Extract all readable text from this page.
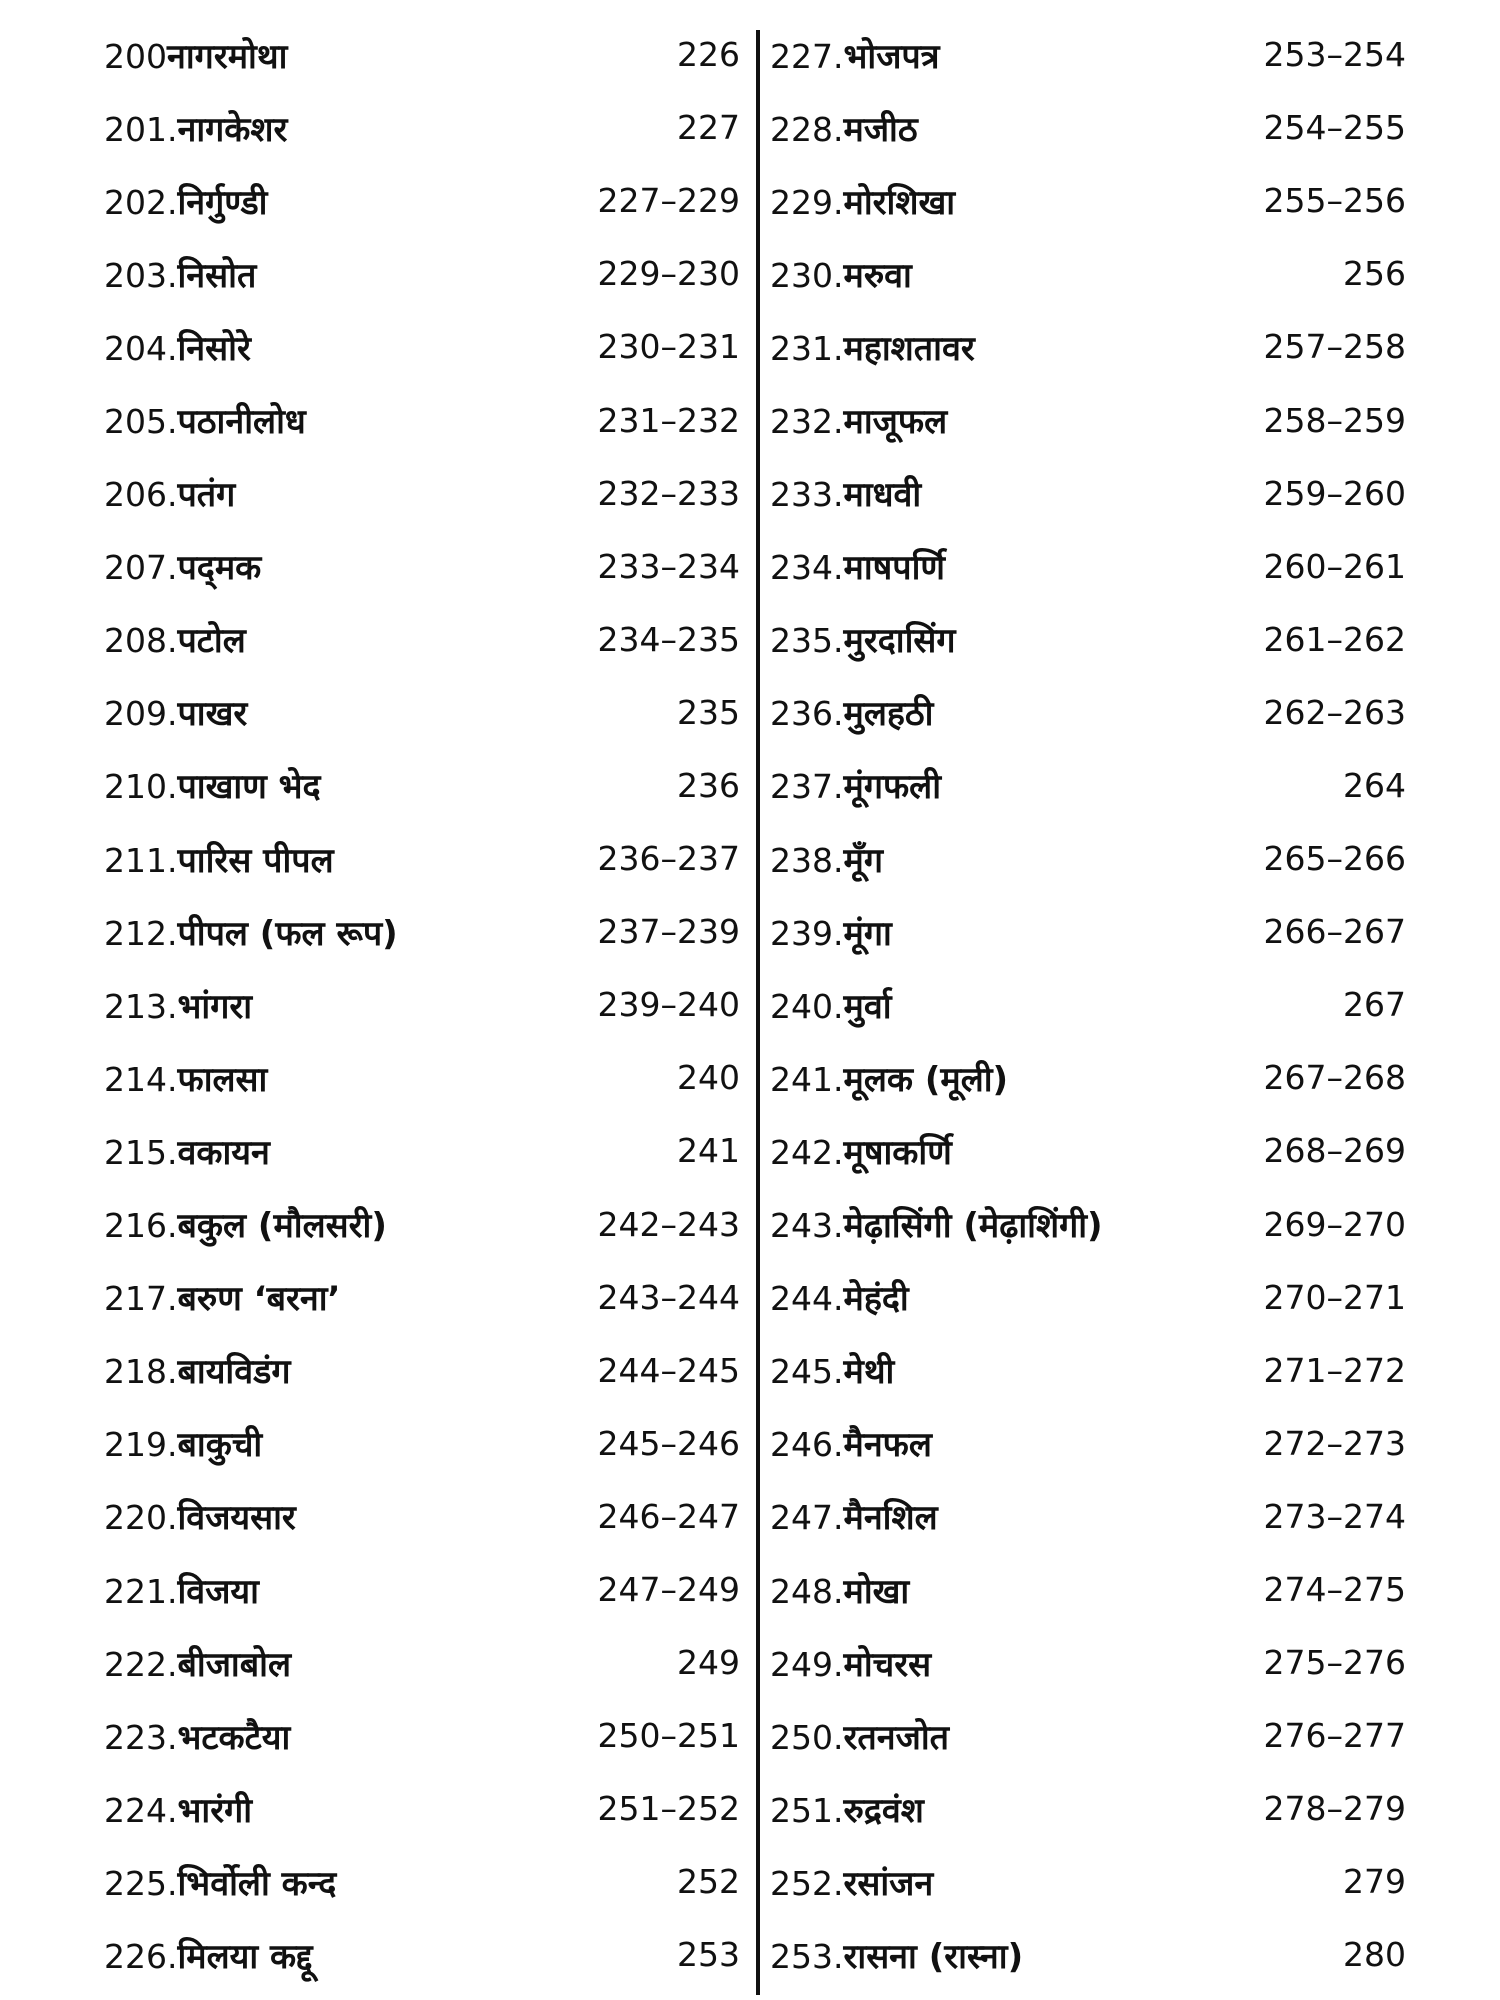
200 नागरमोथा	226
201. नागकेशर	227
202. निर्गुण्डी	227–229
203. निसोत	229–230
204. निसोरे	230–231
205. पठानीलोध	231–232
206. पतंग	232–233
207. पद्‌मक	233–234
208. पटोल	234–235
209. पाखर	235
210. पाखाण भेद	236
211. पारिस पीपल	236–237
212. पीपल (फल रूप)	237–239
213. भांगरा	239–240
214. फालसा	240
215. वकायन	241
216. बकुल (मौलसरी)	242–243
217. बरुण ‘बरना’	243–244
218. बायविडंग	244–245
219. बाकुची	245–246
220. विजयसार	246–247
221. विजया	247–249
222. बीजाबोल	249
223. भटकटैया	250–251
224. भारंगी	251–252
225. भिर्वोली कन्द	252
226. मिलया कद्दू	253
227. भोजपत्र	253–254
228. मजीठ	254–255
229. मोरशिखा	255–256
230. मरुवा	256
231. महाशतावर	257–258
232. माजूफल	258–259
233. माधवी	259–260
234. माषपर्णि	260–261
235. मुरदासिंग	261–262
236. मुलहठी	262–263
237. मूंगफली	264
238. मूँग	265–266
239. मूंगा	266–267
240. मुर्वा	267
241. मूलक (मूली)	267–268
242. मूषाकर्णि	268–269
243. मेढ़ासिंगी (मेढ़ाशिंगी)	269–270
244. मेहंदी	270–271
245. मेथी	271–272
246. मैनफल	272–273
247. मैनशिल	273–274
248. मोखा	274–275
249. मोचरस	275–276
250. रतनजोत	276–277
251. रुद्रवंश	278–279
252. रसांजन	279
253. रासना (रास्ना)	280
